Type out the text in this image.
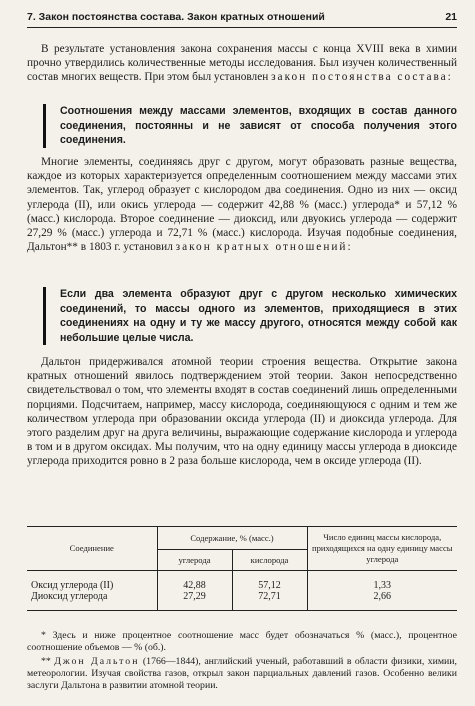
7. Закон постоянства состава. Закон кратных отношений	21

В результате установления закона сохранения массы с конца XVIII века в химии прочно утвердились количественные методы исследования. Был изучен количественный состав многих веществ. При этом был установлен закон постоянства состава:

Соотношения между массами элементов, входящих в состав данного соединения, постоянны и не зависят от способа получения этого соединения.

Многие элементы, соединяясь друг с другом, могут образовать разные вещества, каждое из которых характеризуется определенным соотношением между массами этих элементов. Так, углерод образует с кислородом два соединения. Одно из них — оксид углерода (II), или окись углерода — содержит 42,88 % (масс.) углерода* и 57,12 % (масс.) кислорода. Второе соединение — диоксид, или двуокись углерода — содержит 27,29 % (масс.) углерода и 72,71 % (масс.) кислорода. Изучая подобные соединения, Дальтон** в 1803 г. установил закон кратных отношений:

Если два элемента образуют друг с другом несколько химических соединений, то массы одного из элементов, приходящиеся в этих соединениях на одну и ту же массу другого, относятся между собой как небольшие целые числа.

Дальтон придерживался атомной теории строения вещества. Открытие закона кратных отношений явилось подтверждением этой теории. Закон непосредственно свидетельствовал о том, что элементы входят в состав соединений лишь определенными порциями. Подсчитаем, например, массу кислорода, соединяющуюся с одним и тем же количеством углерода при образовании оксида углерода (II) и диоксида углерода. Для этого разделим друг на друга величины, выражающие содержание кислорода и углерода в том и в другом оксидах. Мы получим, что на одну единицу массы углерода в диоксиде углерода приходится ровно в 2 раза больше кислорода, чем в оксиде углерода (II).

Соединение	Содержание, % (масс.)		Число единиц массы кислорода, приходящихся на одну единицу массы углерода
	углерода	кислорода	
Оксид углерода (II)	42,88	57,12	1,33
Диоксид углерода	27,29	72,71	2,66

* Здесь и ниже процентное соотношение масс будет обозначаться % (масс.), процентное соотношение объемов — % (об.).

** Джон Дальтон (1766—1844), английский ученый, работавший в области физики, химии, метеорологии. Изучая свойства газов, открыл закон парциальных давлений газов. Особенно велики заслуги Дальтона в развитии атомной теории.
